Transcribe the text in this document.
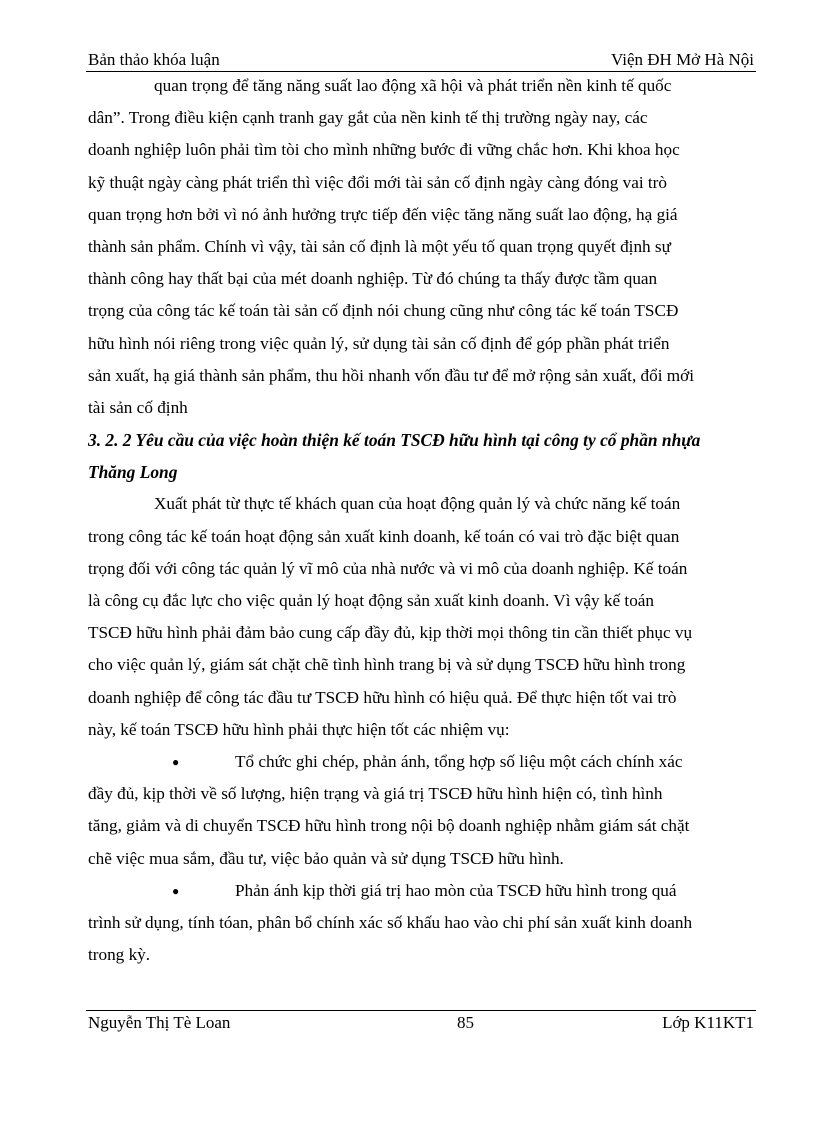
Bản thảo khóa luận	Viện ĐH Mở Hà Nội
quan trọng để tăng năng suất lao động xã hội và phát triển nền kinh tế quốc
dân”. Trong điều kiện cạnh tranh gay gắt của nền kinh tế thị trường ngày nay, các
doanh nghiệp luôn phải tìm tòi cho mình những bước đi vững chắc hơn. Khi khoa học
kỹ thuật ngày càng phát triển thì việc đổi mới tài sản cố định ngày càng đóng vai trò
quan trọng hơn bởi vì nó ảnh hưởng trực tiếp đến việc tăng năng suất lao động, hạ giá
thành sản phẩm. Chính vì vậy, tài sản cố định là một yếu tố quan trọng quyết định sự
thành công hay thất bại của mét doanh nghiệp. Từ đó chúng ta thấy được tầm quan
trọng của công tác kế toán tài sản cố định nói chung cũng như công tác kế toán TSCĐ
hữu hình nói riêng trong việc quản lý, sử dụng tài sản cố định để góp phần phát triển
sản xuất, hạ giá thành sản phẩm, thu hồi nhanh vốn đầu tư để mở rộng sản xuất, đổi mới
tài sản cố định
3. 2. 2 Yêu cầu của việc hoàn thiện kế toán TSCĐ hữu hình tại công ty cổ phần nhựa
Thăng Long
Xuất phát từ thực tế khách quan của hoạt động quản lý và chức năng kế toán
trong công tác kế toán hoạt động sản xuất kinh doanh, kế toán có vai trò đặc biệt quan
trọng đối với công tác quản lý vĩ mô của nhà nước và vi mô của doanh nghiệp. Kế toán
là công cụ đắc lực cho việc quản lý hoạt động sản xuất kinh doanh. Vì vậy kế toán
TSCĐ hữu hình phải đảm bảo cung cấp đầy đủ, kịp thời mọi thông tin cần thiết phục vụ
cho việc quản lý, giám sát chặt chẽ tình hình trang bị và sử dụng TSCĐ hữu hình trong
doanh nghiệp để công tác đầu tư TSCĐ hữu hình có hiệu quả. Để thực hiện tốt vai trò
này, kế toán TSCĐ hữu hình phải thực hiện tốt các nhiệm vụ:
●	Tổ chức ghi chép, phản ánh, tổng hợp số liệu một cách chính xác
đầy đủ, kịp thời về số lượng, hiện trạng và giá trị TSCĐ hữu hình hiện có, tình hình
tăng, giảm và di chuyển TSCĐ hữu hình trong nội bộ doanh nghiệp nhằm giám sát chặt
chẽ việc mua sắm, đầu tư, việc bảo quản và sử dụng TSCĐ hữu hình.
●	Phản ánh kịp thời giá trị hao mòn của TSCĐ hữu hình trong quá
trình sử dụng, tính tóan, phân bổ chính xác số khấu hao vào chi phí sản xuất kinh doanh
trong kỳ.
Nguyễn Thị Tè Loan	85	Lớp K11KT1
